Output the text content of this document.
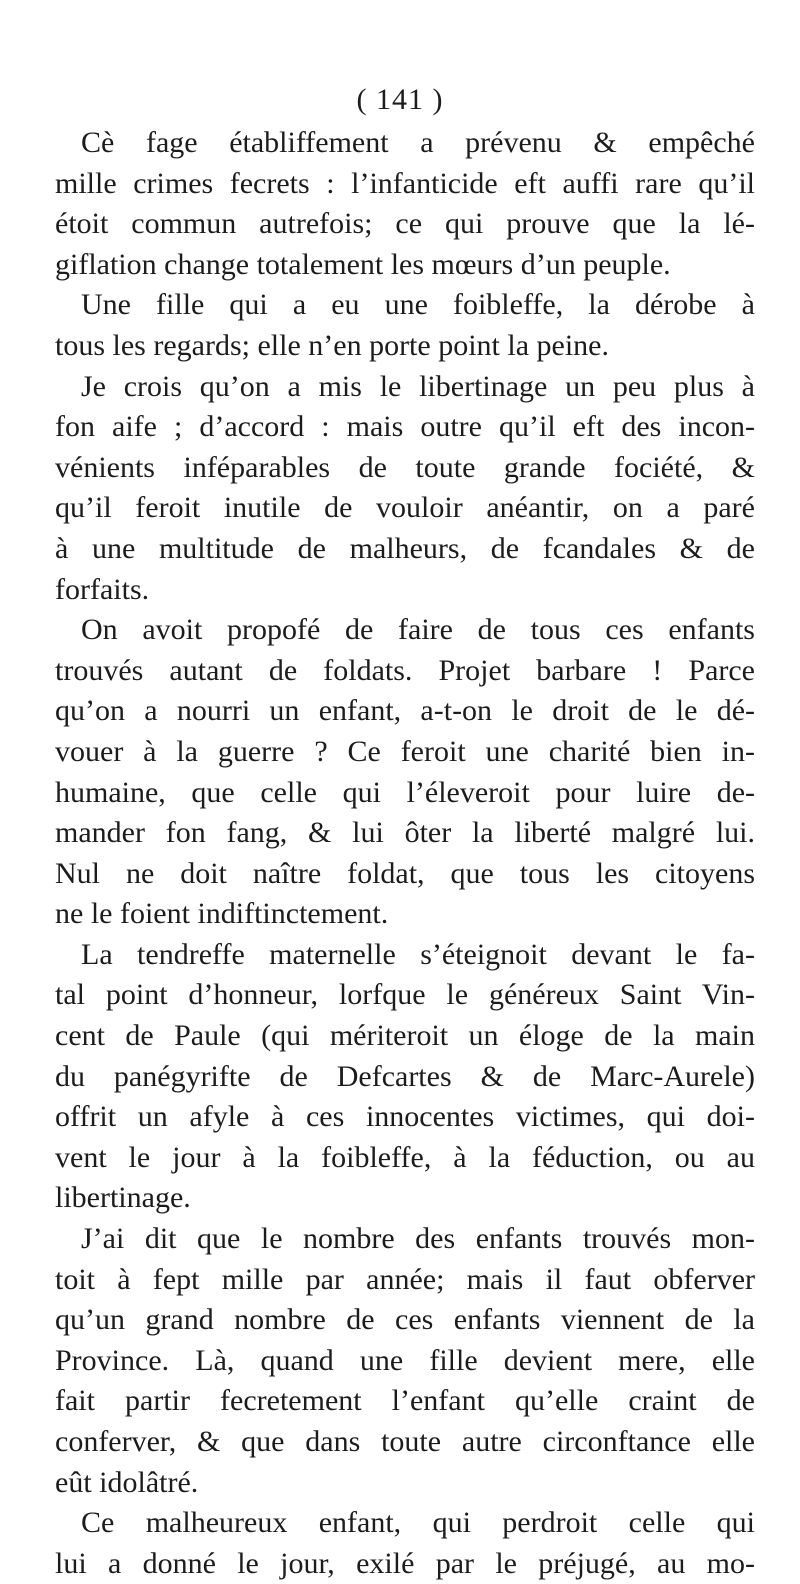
( 141 )
Cè fage établiffement a prévenu & empêché
mille crimes fecrets : l’infanticide eft auffi rare qu’il
étoit commun autrefois; ce qui prouve que la lé-
giflation change totalement les mœurs d’un peuple.
Une fille qui a eu une foibleffe, la dérobe à
tous les regards; elle n’en porte point la peine.
Je crois qu’on a mis le libertinage un peu plus à
fon aife ; d’accord : mais outre qu’il eft des incon-
vénients inféparables de toute grande fociété, &
qu’il feroit inutile de vouloir anéantir, on a paré
à une multitude de malheurs, de fcandales & de
forfaits.
On avoit propofé de faire de tous ces enfants
trouvés autant de foldats. Projet barbare ! Parce
qu’on a nourri un enfant, a-t-on le droit de le dé-
vouer à la guerre ? Ce feroit une charité bien in-
humaine, que celle qui l’éleveroit pour luire de-
mander fon fang, & lui ôter la liberté malgré lui.
Nul ne doit naître foldat, que tous les citoyens
ne le foient indiftinctement.
La tendreffe maternelle s’éteignoit devant le fa-
tal point d’honneur, lorfque le généreux Saint Vin-
cent de Paule (qui mériteroit un éloge de la main
du panégyrifte de Defcartes & de Marc-Aurele)
offrit un afyle à ces innocentes victimes, qui doi-
vent le jour à la foibleffe, à la féduction, ou au
libertinage.
J’ai dit que le nombre des enfants trouvés mon-
toit à fept mille par année; mais il faut obferver
qu’un grand nombre de ces enfants viennent de la
Province. Là, quand une fille devient mere, elle
fait partir fecretement l’enfant qu’elle craint de
conferver, & que dans toute autre circonftance elle
eût idolâtré.
Ce malheureux enfant, qui perdroit celle qui
lui a donné le jour, exilé par le préjugé, au mo-
